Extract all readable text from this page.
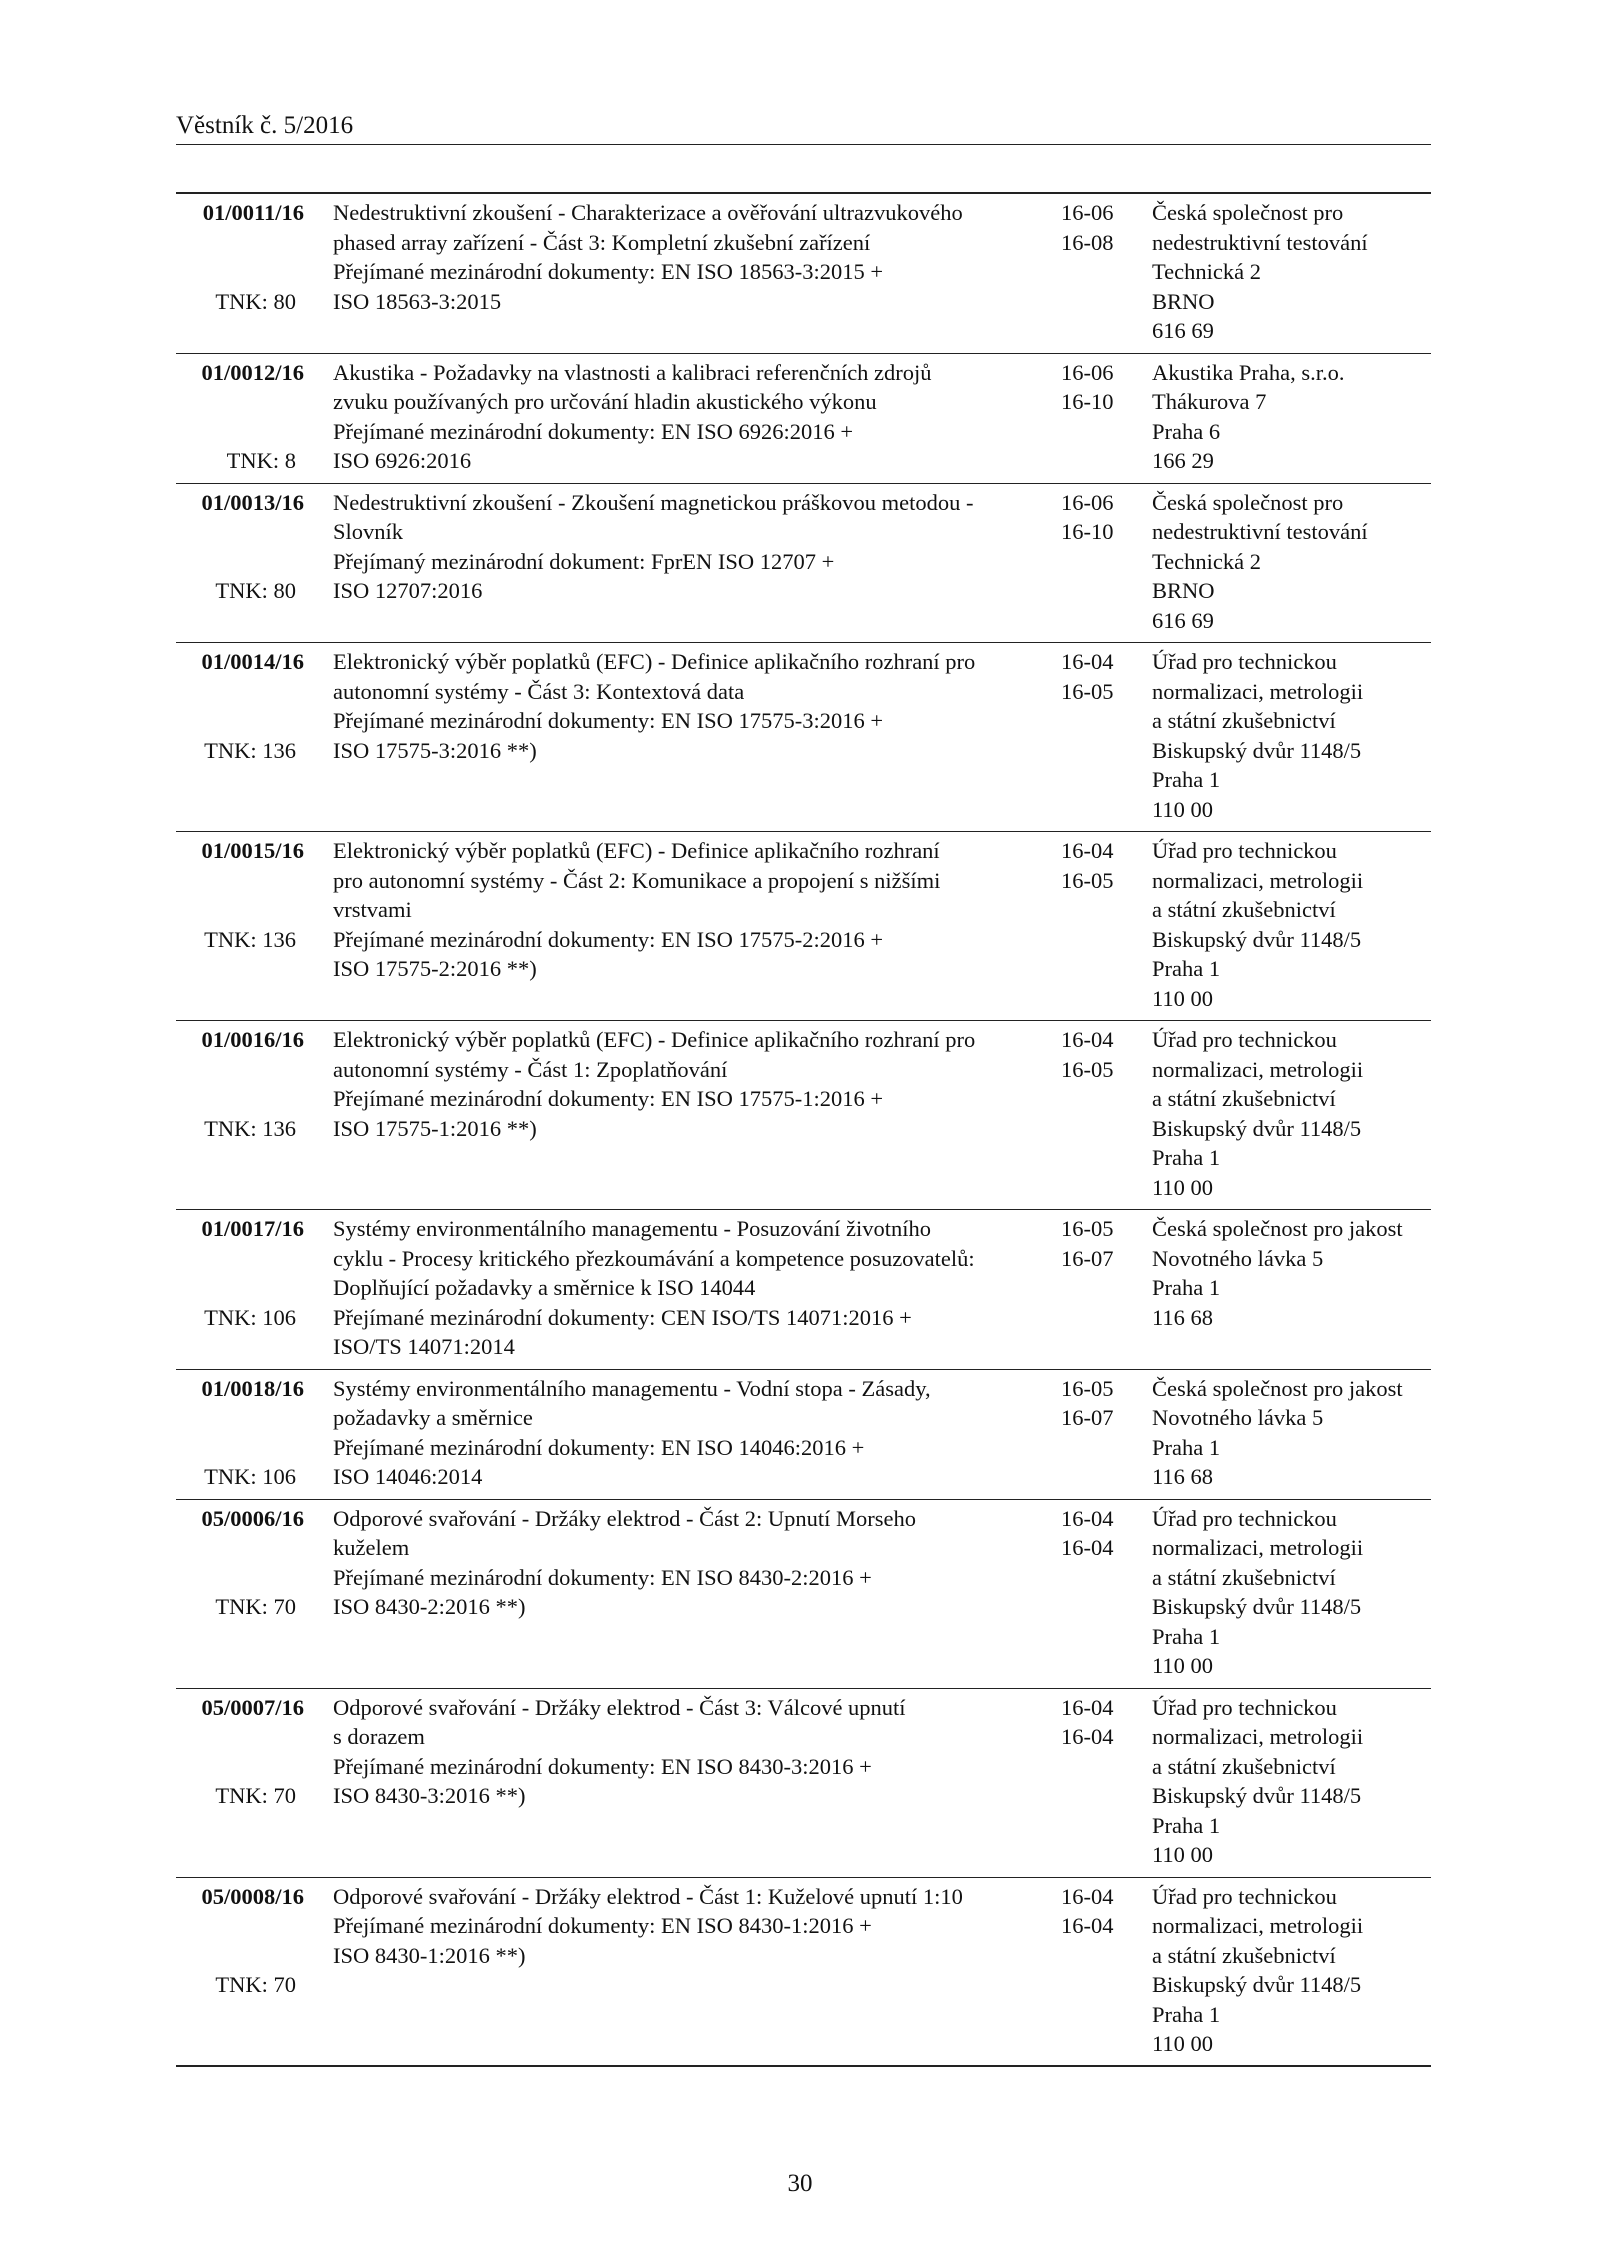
Věstník č. 5/2016
01/0011/16
TNK: 80
Nedestruktivní zkoušení - Charakterizace a ověřování ultrazvukového
phased array zařízení - Část 3: Kompletní zkušební zařízení
Přejímané mezinárodní dokumenty: EN ISO 18563-3:2015 +
ISO 18563-3:2015
16-06
16-08
Česká společnost pro
nedestruktivní testování
Technická 2
BRNO
616 69
01/0012/16
TNK: 8
Akustika - Požadavky na vlastnosti a kalibraci referenčních zdrojů
zvuku používaných pro určování hladin akustického výkonu
Přejímané mezinárodní dokumenty: EN ISO 6926:2016 +
ISO 6926:2016
16-06
16-10
Akustika Praha, s.r.o.
Thákurova 7
Praha 6
166 29
01/0013/16
TNK: 80
Nedestruktivní zkoušení - Zkoušení magnetickou práškovou metodou -
Slovník
Přejímaný mezinárodní dokument: FprEN ISO 12707 +
ISO 12707:2016
16-06
16-10
Česká společnost pro
nedestruktivní testování
Technická 2
BRNO
616 69
01/0014/16
TNK: 136
Elektronický výběr poplatků (EFC) - Definice aplikačního rozhraní pro
autonomní systémy - Část 3: Kontextová data
Přejímané mezinárodní dokumenty: EN ISO 17575-3:2016 +
ISO 17575-3:2016 **)
16-04
16-05
Úřad pro technickou
normalizaci, metrologii
a státní zkušebnictví
Biskupský dvůr 1148/5
Praha 1
110 00
01/0015/16
TNK: 136
Elektronický výběr poplatků (EFC) - Definice aplikačního rozhraní
pro autonomní systémy - Část 2: Komunikace a propojení s nižšími
vrstvami
Přejímané mezinárodní dokumenty: EN ISO 17575-2:2016 +
ISO 17575-2:2016 **)
16-04
16-05
Úřad pro technickou
normalizaci, metrologii
a státní zkušebnictví
Biskupský dvůr 1148/5
Praha 1
110 00
01/0016/16
TNK: 136
Elektronický výběr poplatků (EFC) - Definice aplikačního rozhraní pro
autonomní systémy - Část 1: Zpoplatňování
Přejímané mezinárodní dokumenty: EN ISO 17575-1:2016 +
ISO 17575-1:2016 **)
16-04
16-05
Úřad pro technickou
normalizaci, metrologii
a státní zkušebnictví
Biskupský dvůr 1148/5
Praha 1
110 00
01/0017/16
TNK: 106
Systémy environmentálního managementu - Posuzování životního
cyklu - Procesy kritického přezkoumávání a kompetence posuzovatelů:
Doplňující požadavky a směrnice k ISO 14044
Přejímané mezinárodní dokumenty: CEN ISO/TS 14071:2016 +
ISO/TS 14071:2014
16-05
16-07
Česká společnost pro jakost
Novotného lávka 5
Praha 1
116 68
01/0018/16
TNK: 106
Systémy environmentálního managementu - Vodní stopa - Zásady,
požadavky a směrnice
Přejímané mezinárodní dokumenty: EN ISO 14046:2016 +
ISO 14046:2014
16-05
16-07
Česká společnost pro jakost
Novotného lávka 5
Praha 1
116 68
05/0006/16
TNK: 70
Odporové svařování - Držáky elektrod - Část 2: Upnutí Morseho
kuželem
Přejímané mezinárodní dokumenty: EN ISO 8430-2:2016 +
ISO 8430-2:2016 **)
16-04
16-04
Úřad pro technickou
normalizaci, metrologii
a státní zkušebnictví
Biskupský dvůr 1148/5
Praha 1
110 00
05/0007/16
TNK: 70
Odporové svařování - Držáky elektrod - Část 3: Válcové upnutí
s dorazem
Přejímané mezinárodní dokumenty: EN ISO 8430-3:2016 +
ISO 8430-3:2016 **)
16-04
16-04
Úřad pro technickou
normalizaci, metrologii
a státní zkušebnictví
Biskupský dvůr 1148/5
Praha 1
110 00
05/0008/16
TNK: 70
Odporové svařování - Držáky elektrod - Část 1: Kuželové upnutí 1:10
Přejímané mezinárodní dokumenty: EN ISO 8430-1:2016 +
ISO 8430-1:2016 **)
16-04
16-04
Úřad pro technickou
normalizaci, metrologii
a státní zkušebnictví
Biskupský dvůr 1148/5
Praha 1
110 00
30
